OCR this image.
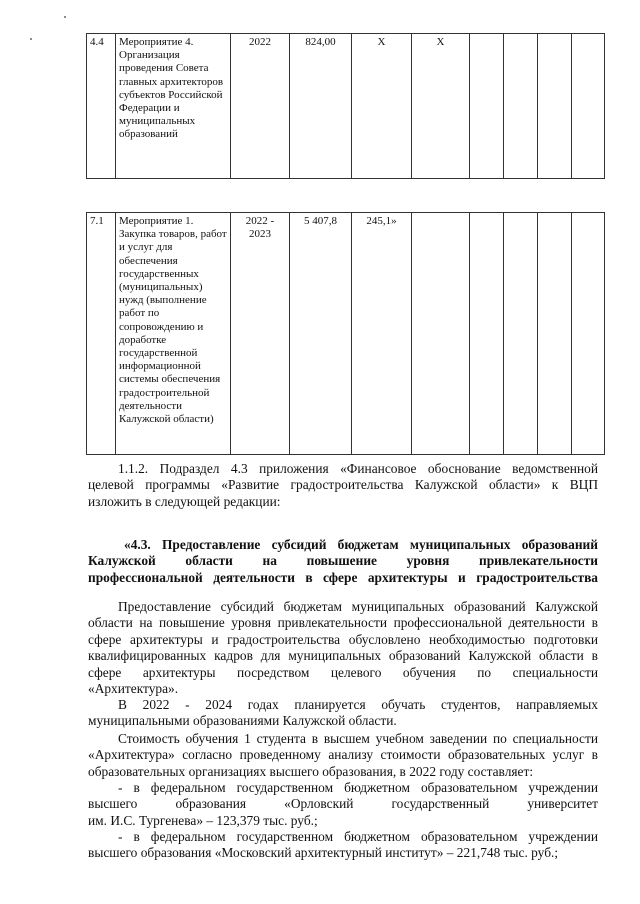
4.4	Мероприятие 4. Организация проведения Совета главных архитекторов субъектов Российской Федерации и муниципальных образований	2022	824,00	Х	Х				
7.1	Мероприятие 1. Закупка товаров, работ и услуг для обеспечения государственных (муниципальных) нужд (выполнение работ по сопровождению и доработке государственной информационной системы обеспечения градостроительной деятельности Калужской области)	2022 - 2023	5 407,8	245,1»					
1.1.2. Подраздел 4.3 приложения «Финансовое обоснование ведомственной
целевой программы «Развитие градостроительства Калужской области» к ВЦП
изложить в следующей редакции:
«4.3. Предоставление субсидий бюджетам муниципальных образований
Калужской области на повышение уровня привлекательности
профессиональной деятельности в сфере архитектуры и градостроительства
Предоставление субсидий бюджетам муниципальных образований Калужской
области на повышение уровня привлекательности профессиональной деятельности в
сфере архитектуры и градостроительства обусловлено необходимостью подготовки
квалифицированных кадров для муниципальных образований Калужской области в
сфере архитектуры посредством целевого обучения по специальности
«Архитектура».
В 2022 - 2024 годах планируется обучать студентов, направляемых
муниципальными образованиями Калужской области.
Стоимость обучения 1 студента в высшем учебном заведении по специальности
«Архитектура» согласно проведенному анализу стоимости образовательных услуг в
образовательных организациях высшего образования, в 2022 году составляет:
- в федеральном государственном бюджетном образовательном учреждении
высшего образования «Орловский государственный университет
им. И.С. Тургенева» – 123,379 тыс. руб.;
- в федеральном государственном бюджетном образовательном учреждении
высшего образования «Московский архитектурный институт» – 221,748 тыс. руб.;
